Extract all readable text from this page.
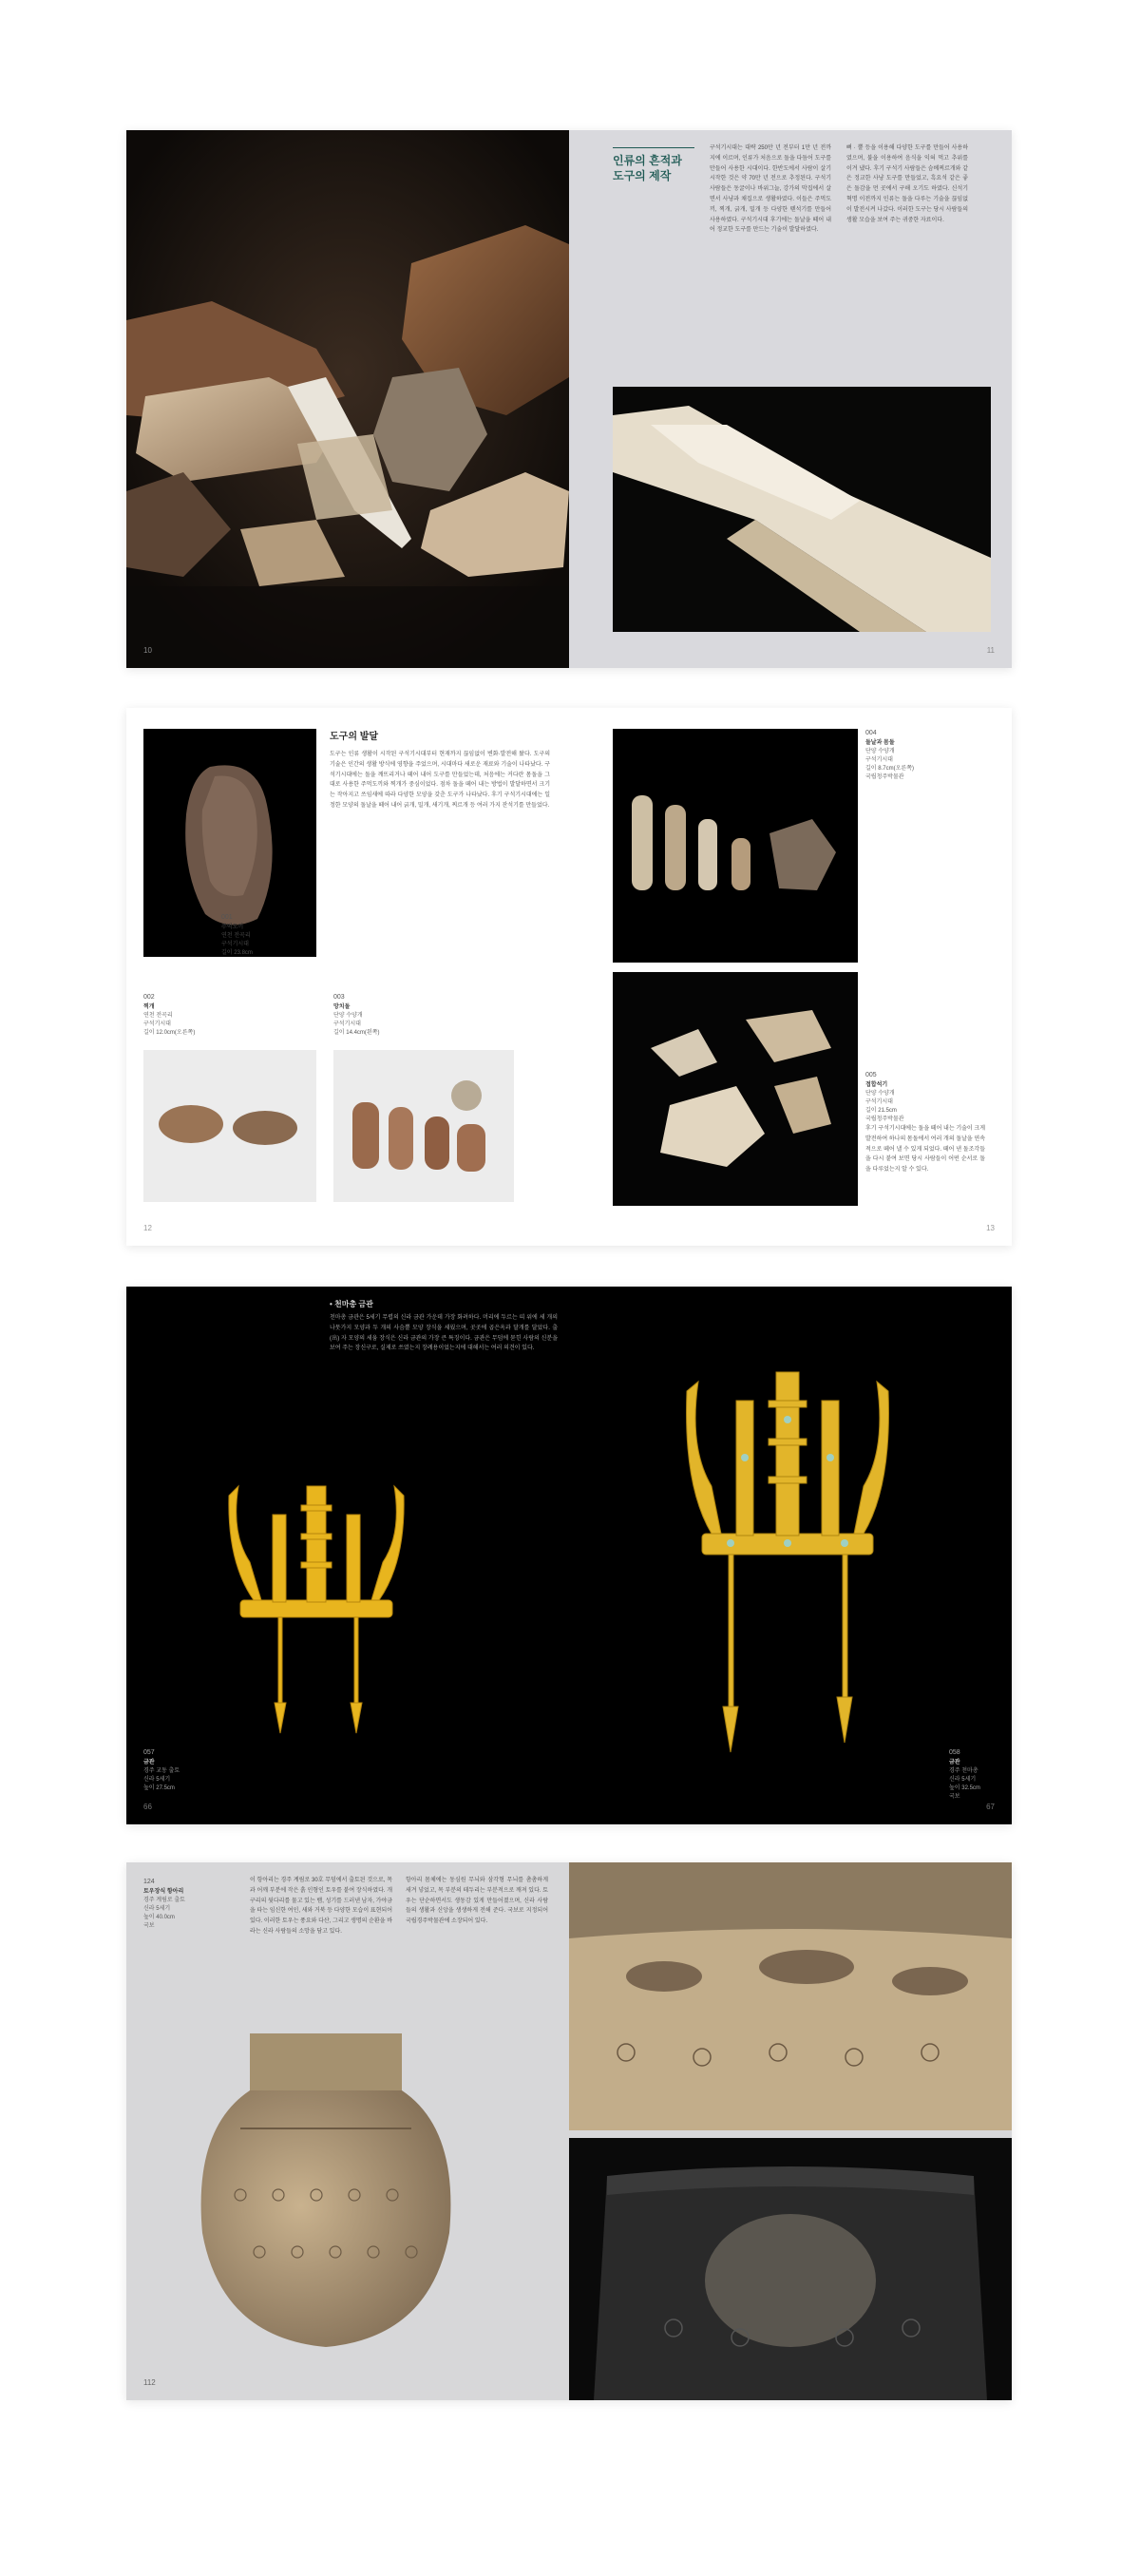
10
인류의 흔적과
도구의 제작
구석기시대는 대략 250만 년 전부터 1만 년 전까지에 이르며, 인류가 처음으로 돌을 다듬어 도구를 만들어 사용한 시대이다. 한반도에서 사람이 살기 시작한 것은 약 70만 년 전으로 추정된다. 구석기 사람들은 동굴이나 바위그늘, 강가의 막집에서 살면서 사냥과 채집으로 생활하였다. 이들은 주먹도끼, 찍개, 긁개, 밀개 등 다양한 뗀석기를 만들어 사용하였다. 구석기시대 후기에는 돌날을 떼어 내어 정교한 도구를 만드는 기술이 발달하였다.
뼈 · 뿔 등을 이용해 다양한 도구를 만들어 사용하였으며, 불을 이용하여 음식을 익혀 먹고 추위를 이겨 냈다. 후기 구석기 사람들은 슴베찌르개와 같은 정교한 사냥 도구를 만들었고, 흑요석 같은 좋은 돌감을 먼 곳에서 구해 오기도 하였다. 신석기 혁명 이전까지 인류는 돌을 다루는 기술을 끊임없이 발전시켜 나갔다. 이러한 도구는 당시 사람들의 생활 모습을 보여 주는 귀중한 자료이다.
11
001
주먹도끼
연천 전곡리
구석기시대
길이 23.8cm
도구의 발달
도구는 인류 생활이 시작된 구석기시대부터 현재까지 끊임없이 변화·발전해 왔다. 도구의 기술은 인간의 생활 방식에 영향을 주었으며, 시대마다 새로운 재료와 기술이 나타났다. 구석기시대에는 돌을 깨뜨리거나 떼어 내어 도구를 만들었는데, 처음에는 커다란 몸돌을 그대로 사용한 주먹도끼와 찍개가 중심이었다. 점차 돌을 떼어 내는 방법이 발달하면서 크기는 작아지고 쓰임새에 따라 다양한 모양을 갖춘 도구가 나타났다. 후기 구석기시대에는 일정한 모양의 돌날을 떼어 내어 긁개, 밀개, 새기개, 찌르개 등 여러 가지 잔석기를 만들었다.
002
찍개
연천 전곡리
구석기시대
길이 12.0cm(오른쪽)
003
망치돌
단양 수양개
구석기시대
길이 14.4cm(왼쪽)
12
004
돌날과 몸돌
단양 수양개
구석기시대
길이 8.7cm(오른쪽)
국립청주박물관
005
접합석기
단양 수양개
구석기시대
길이 21.5cm
국립청주박물관
후기 구석기시대에는 돌을 떼어 내는 기술이 크게 발전하여 하나의 몸돌에서 여러 개의 돌날을 연속적으로 떼어 낼 수 있게 되었다. 떼어 낸 돌조각들을 다시 붙여 보면 당시 사람들이 어떤 순서로 돌을 다루었는지 알 수 있다.
13
• 천마총 금관
천마총 금관은 5세기 무렵의 신라 금관 가운데 가장 화려하다. 머리에 두르는 띠 위에 세 개의 나뭇가지 모양과 두 개의 사슴뿔 모양 장식을 세웠으며, 곳곳에 곱은옥과 달개를 달았다. 출(出) 자 모양의 세움 장식은 신라 금관의 가장 큰 특징이다. 금관은 무덤에 묻힌 사람의 신분을 보여 주는 장신구로, 실제로 쓰였는지 장례용이었는지에 대해서는 여러 의견이 있다.
057
금관
경주 교동 출토
신라 5세기
높이 27.5cm
66
058
금관
경주 천마총
신라 5세기
높이 32.5cm
국보
67
124
토우장식 항아리
경주 계림로 출토
신라 5세기
높이 40.0cm
국보
이 항아리는 경주 계림로 30호 무덤에서 출토된 것으로, 목과 어깨 부분에 작은 흙 인형인 토우를 붙여 장식하였다. 개구리의 뒷다리를 물고 있는 뱀, 성기를 드러낸 남자, 가야금을 타는 임신한 여인, 새와 거북 등 다양한 모습이 표현되어 있다. 이러한 토우는 풍요와 다산, 그리고 생명의 순환을 바라는 신라 사람들의 소망을 담고 있다.
항아리 몸체에는 동심원 무늬와 삼각형 무늬를 촘촘하게 새겨 넣었고, 목 부분의 테두리는 부분적으로 깨져 있다. 토우는 단순하면서도 생동감 있게 만들어졌으며, 신라 사람들의 생활과 신앙을 생생하게 전해 준다. 국보로 지정되어 국립경주박물관에 소장되어 있다.
112
